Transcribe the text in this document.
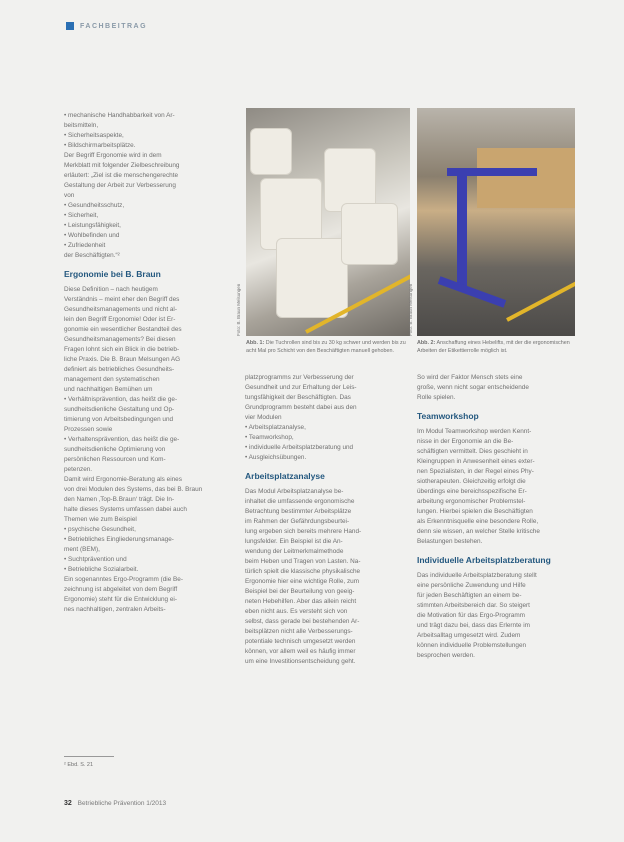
FACHBEITRAG
• mechanische Handhabbarkeit von Ar-
beitsmitteln,
• Sicherheitsaspekte,
• Bildschirmarbeitsplätze.
Der Begriff Ergonomie wird in dem
Merkblatt mit folgender Zielbeschreibung
erläutert: „Ziel ist die menschengerechte
Gestaltung der Arbeit zur Verbesserung
von
• Gesundheitsschutz,
• Sicherheit,
• Leistungsfähigkeit,
• Wohlbefinden und
• Zufriedenheit
der Beschäftigten.“²
Ergonomie bei B. Braun
Diese Definition – nach heutigem
Verständnis – meint eher den Begriff des
Gesundheitsmanagements und nicht al-
lein den Begriff Ergonomie! Oder ist Er-
gonomie ein wesentlicher Bestandteil des
Gesundheitsmanagements? Bei diesen
Fragen lohnt sich ein Blick in die betrieb-
liche Praxis. Die B. Braun Melsungen AG
definiert als betriebliches Gesundheits-
management den systematischen
und nachhaltigen Bemühen um
• Verhältnisprävention, das heißt die ge-
sundheitsdienliche Gestaltung und Op-
timierung von Arbeitsbedingungen und
Prozessen sowie
• Verhaltensprävention, das heißt die ge-
sundheitsdienliche Optimierung von
persönlichen Ressourcen und Kom-
petenzen.
Damit wird Ergonomie-Beratung als eines
von drei Modulen des Systems, das bei B. Braun
den Namen ‚Top-B.Braun‘ trägt. Die In-
halte dieses Systems umfassen dabei auch
Themen wie zum Beispiel
• psychische Gesundheit,
• Betriebliches Eingliederungsmanage-
ment (BEM),
• Suchtprävention und
• Betriebliche Sozialarbeit.
Ein sogenanntes Ergo-Programm (die Be-
zeichnung ist abgeleitet von dem Begriff
Ergonomie) steht für die Entwicklung ei-
nes nachhaltigen, zentralen Arbeits-
Foto: B. Braun Melsungen	Foto: B. Braun Melsungen
Abb. 1: Die Tuchrollen sind bis zu 30 kg schwer und werden bis zu acht Mal pro Schicht von den Beschäftigten manuell gehoben.
Abb. 2: Anschaffung eines Hebelifts, mit der die ergonomischen Arbeiten der Etikettierrolle möglich ist.
platzprogramms zur Verbesserung der
Gesundheit und zur Erhaltung der Leis-
tungsfähigkeit der Beschäftigten. Das
Grundprogramm besteht dabei aus den
vier Modulen
• Arbeitsplatzanalyse,
• Teamworkshop,
• individuelle Arbeitsplatzberatung und
• Ausgleichsübungen.
Arbeitsplatzanalyse
Das Modul Arbeitsplatzanalyse be-
inhaltet die umfassende ergonomische
Betrachtung bestimmter Arbeitsplätze
im Rahmen der Gefährdungsbeurtei-
lung ergeben sich bereits mehrere Hand-
lungsfelder. Ein Beispiel ist die An-
wendung der Leitmerkmalmethode
beim Heben und Tragen von Lasten. Na-
türlich spielt die klassische physikalische
Ergonomie hier eine wichtige Rolle, zum
Beispiel bei der Beurteilung von geeig-
neten Hebehilfen. Aber das allein reicht
eben nicht aus. Es versteht sich von
selbst, dass gerade bei bestehenden Ar-
beitsplätzen nicht alle Verbesserungs-
potentiale technisch umgesetzt werden
können, vor allem weil es häufig immer
um eine Investitionsentscheidung geht.
So wird der Faktor Mensch stets eine
große, wenn nicht sogar entscheidende
Rolle spielen.
Teamworkshop
Im Modul Teamworkshop werden Kennt-
nisse in der Ergonomie an die Be-
schäftigten vermittelt. Dies geschieht in
Kleingruppen in Anwesenheit eines exter-
nen Spezialisten, in der Regel eines Phy-
siotherapeuten. Gleichzeitig erfolgt die
überdings eine bereichsspezifische Er-
arbeitung ergonomischer Problemstel-
lungen. Hierbei spielen die Beschäftigten
als Erkenntnisquelle eine besondere Rolle,
denn sie wissen, an welcher Stelle kritische
Belastungen bestehen.
Individuelle Arbeitsplatzberatung
Das individuelle Arbeitsplatzberatung stellt
eine persönliche Zuwendung und Hilfe
für jeden Beschäftigten an einem be-
stimmten Arbeitsbereich dar. So steigert
die Motivation für das Ergo-Programm
und trägt dazu bei, dass das Erlernte im
Arbeitsalltag umgesetzt wird. Zudem
können individuelle Problemstellungen
besprochen werden.
² Ebd. S. 21
32 Betriebliche Prävention 1/2013
